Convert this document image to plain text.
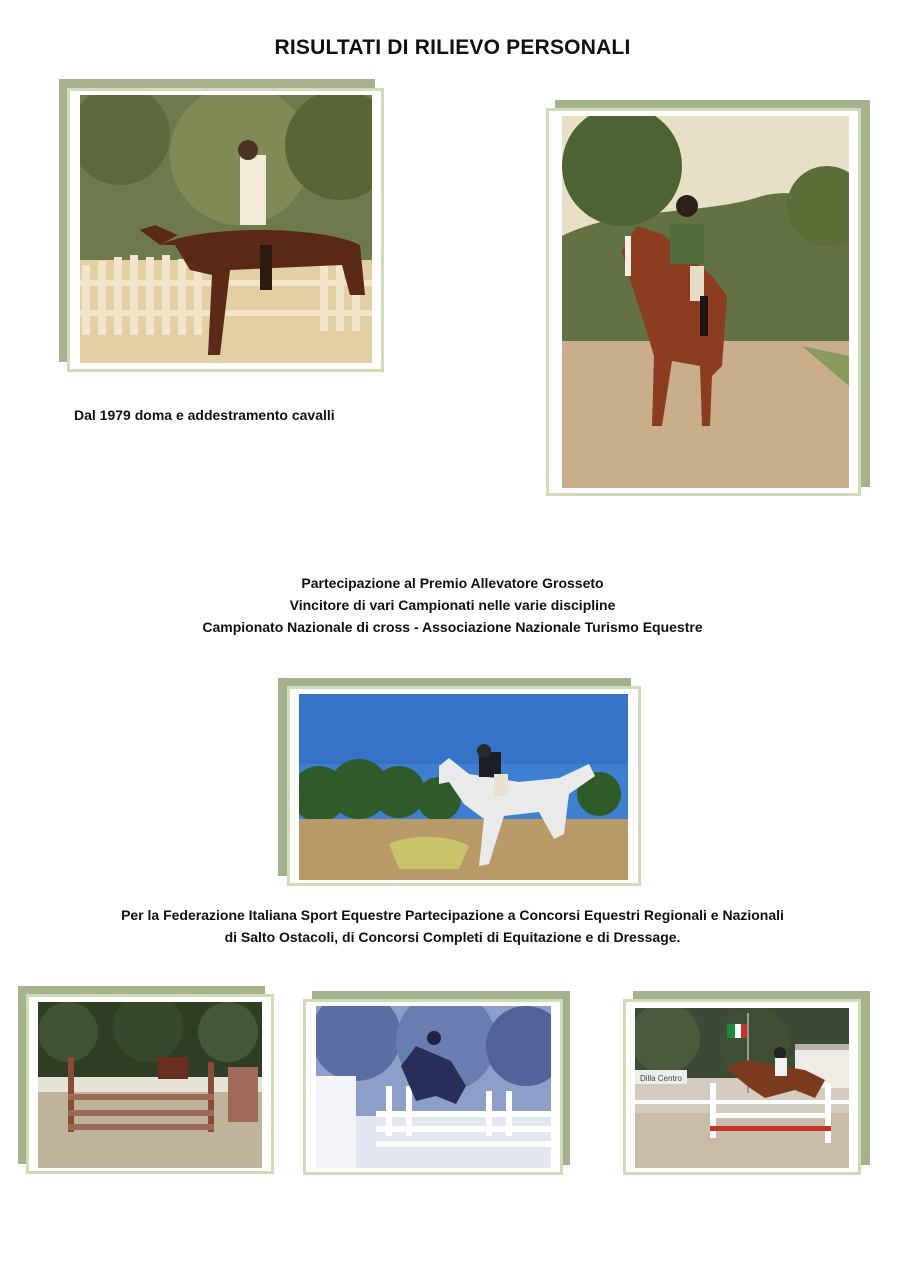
RISULTATI DI RILIEVO PERSONALI
Dal 1979 doma e addestramento cavalli
Partecipazione al Premio Allevatore Grosseto
Vincitore di vari Campionati nelle varie discipline
Campionato Nazionale di cross - Associazione Nazionale Turismo Equestre
Per la Federazione Italiana Sport Equestre Partecipazione a Concorsi Equestri Regionali e Nazionali
di Salto Ostacoli, di Concorsi Completi di Equitazione e di Dressage.
Dilla Centro
